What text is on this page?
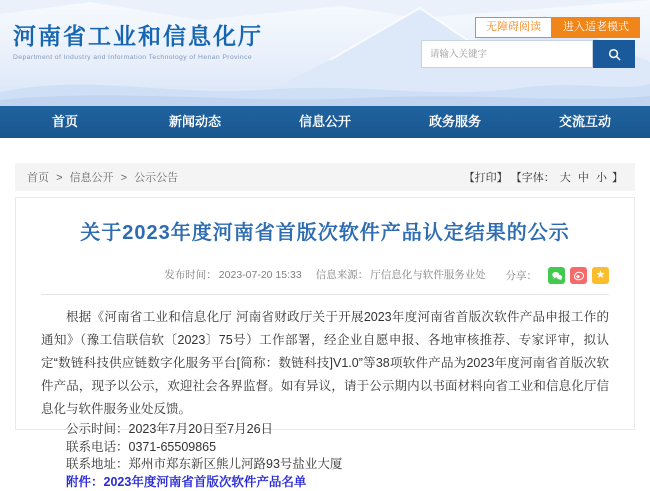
河南省工业和信息化厅
Department of Industry and Information Technology of Henan Province
无障碍阅读	进入适老模式
请输入关键字
首页	新闻动态	信息公开	政务服务	交流互动
首页 > 信息公开 > 公示公告	【打印】 【字体： 大 中 小 】
关于2023年度河南省首版次软件产品认定结果的公示
发布时间： 2023-07-20 15:33 信息来源： 厅信息化与软件服务业处	分享：	★

根据《河南省工业和信息化厅 河南省财政厅关于开展2023年度河南省首版次软件产品申报工作的通知》（豫工信联信软〔2023〕75号）工作部署，经企业自愿申报、各地审核推荐、专家评审，拟认定“数链科技供应链数字化服务平台[简称：数链科技]V1.0”等38项软件产品为2023年度河南省首版次软件产品，现予以公示，欢迎社会各界监督。如有异议，请于公示期内以书面材料向省工业和信息化厅信息化与软件服务业处反馈。

公示时间：2023年7月20日至7月26日

联系电话：0371-65509865

联系地址：郑州市郑东新区熊儿河路93号盐业大厦

附件：2023年度河南省首版次软件产品名单
